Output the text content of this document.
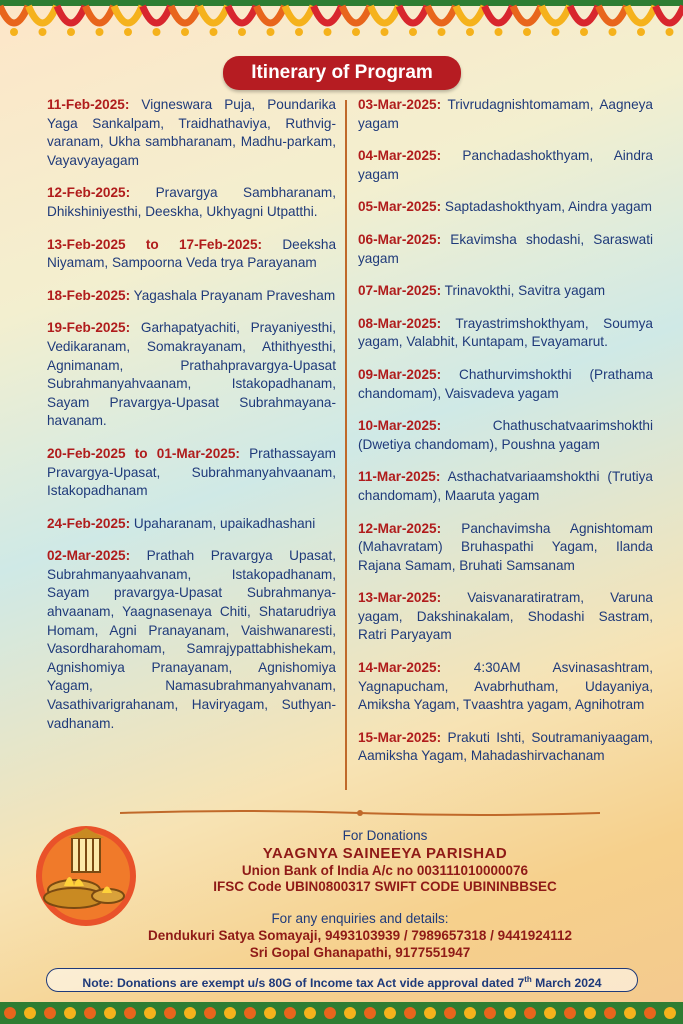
Itinerary of Program
11-Feb-2025: Vigneswara Puja, Poundarika Yaga Sankalpam, Traidhathaviya, Ruthvig-varanam, Ukha sambharanam, Madhu-parkam, Vayavyayagam
12-Feb-2025: Pravargya Sambharanam, Dhikshiniyesthi, Deeskha, Ukhyagni Utpatthi.
13-Feb-2025 to 17-Feb-2025: Deeksha Niyamam, Sampoorna Veda trya Parayanam
18-Feb-2025: Yagashala Prayanam Pravesham
19-Feb-2025: Garhapatyachiti, Prayaniyesthi, Vedikaranam, Somakrayanam, Athithyesthi, Agnimanam, Prathahpravargya-Upasat Subrahmanyahvaanam, Istakopadhanam, Sayam Pravargya-Upasat Subrahmayana-havanam.
20-Feb-2025 to 01-Mar-2025: Prathassayam Pravargya-Upasat, Subrahmanyahvaanam, Istakopadhanam
24-Feb-2025: Upaharanam, upaikadhashani
02-Mar-2025: Prathah Pravargya Upasat, Subrahmanyaahvanam, Istakopadhanam, Sayam pravargya-Upasat Subrahmanya-ahvaanam, Yaagnasenaya Chiti, Shatarudriya Homam, Agni Pranayanam, Vaishwanaresti, Vasordharahomam, Samrajypattabhishekam, Agnishomiya Pranayanam, Agnishomiya Yagam, Namasubrahmanyahvanam, Vasathivarigrahanam, Haviryagam, Suthyan-vadhanam.
03-Mar-2025: Trivrudagnishtomamam, Aagneya yagam
04-Mar-2025: Panchadashokthyam, Aindra yagam
05-Mar-2025: Saptadashokthyam, Aindra yagam
06-Mar-2025: Ekavimsha shodashi, Saraswati yagam
07-Mar-2025: Trinavokthi, Savitra yagam
08-Mar-2025: Trayastrimshokthyam, Soumya yagam, Valabhit, Kuntapam, Evayamarut.
09-Mar-2025: Chathurvimshokthi (Prathama chandomam), Vaisvadeva yagam
10-Mar-2025: Chathuschatvaarimshokthi (Dwetiya chandomam), Poushna yagam
11-Mar-2025: Asthachatvariaamshokthi (Trutiya chandomam), Maaruta yagam
12-Mar-2025: Panchavimsha Agnishtomam (Mahavratam) Bruhaspathi Yagam, Ilanda Rajana Samam, Bruhati Samsanam
13-Mar-2025: Vaisvanaratiratram, Varuna yagam, Dakshinakalam, Shodashi Sastram, Ratri Paryayam
14-Mar-2025: 4:30AM Asvinasashtram, Yagnapucham, Avabrhutham, Udayaniya, Amiksha Yagam, Tvaashtra yagam, Agnihotram
15-Mar-2025: Prakuti Ishti, Soutramaniyaagam, Aamiksha Yagam, Mahadashirvachanam
For Donations
YAAGNYA SAINEEYA PARISHAD
Union Bank of India A/c no 003111010000076
IFSC Code UBIN0800317 SWIFT CODE UBININBBSEC
For any enquiries and details:
Dendukuri Satya Somayaji, 9493103939 / 7989657318 / 9441924112
Sri Gopal Ghanapathi, 9177551947
Note: Donations are exempt u/s 80G of Income tax Act vide approval dated 7th March 2024
